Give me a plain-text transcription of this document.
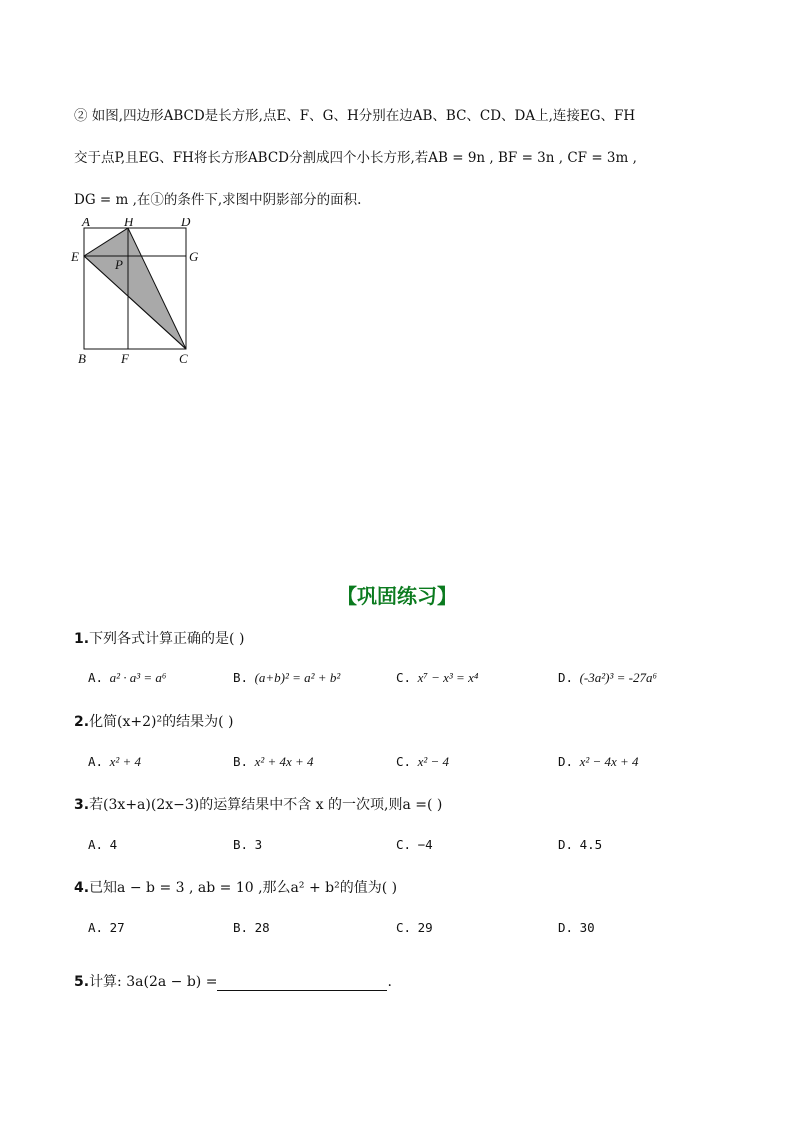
② 如图,四边形ABCD是长方形,点E、F、G、H分别在边AB、BC、CD、DA上,连接EG、FH
交于点P,且EG、FH将长方形ABCD分割成四个小长方形,若AB = 9n , BF = 3n , CF = 3m ,
DG = m ,在①的条件下,求图中阴影部分的面积.
A	H	D
E
P
G
B	F	C
【巩固练习】
1.下列各式计算正确的是( )
A. a² · a³ = a⁶	B. (a+b)² = a² + b²	C. x⁷ − x³ = x⁴	D. (-3a²)³ = -27a⁶
2.化简(x+2)²的结果为( )
A. x² + 4	B. x² + 4x + 4	C. x² − 4	D. x² − 4x + 4
3.若(3x+a)(2x−3)的运算结果中不含 x 的一次项,则a =( )
A. 4	B. 3	C. −4	D. 4.5
4.已知a − b = 3 , ab = 10 ,那么a² + b²的值为( )
A. 27	B. 28	C. 29	D. 30
5.计算: 3a(2a − b) =	.
